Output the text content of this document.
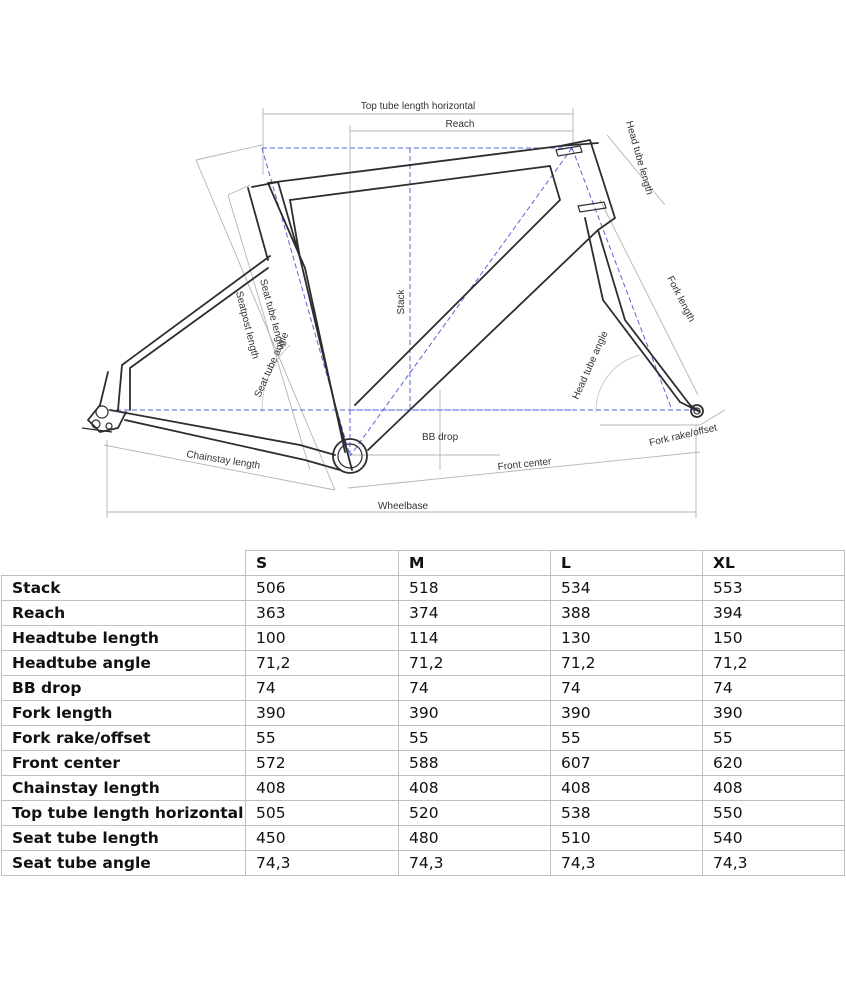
Top tube length horizontal
Reach	Head tube length
Stack
Seat tube length
Seatpost length
Seat tube angle
Fork length
Head tube angle
BB drop	Fork rake/offset
Chainstay length	Front center
Wheelbase
	S	M	L	XL
Stack	506	518	534	553
Reach	363	374	388	394
Headtube length	100	114	130	150
Headtube angle	71,2	71,2	71,2	71,2
BB drop	74	74	74	74
Fork length	390	390	390	390
Fork rake/offset	55	55	55	55
Front center	572	588	607	620
Chainstay length	408	408	408	408
Top tube length horizontal	505	520	538	550
Seat tube length	450	480	510	540
Seat tube angle	74,3	74,3	74,3	74,3
